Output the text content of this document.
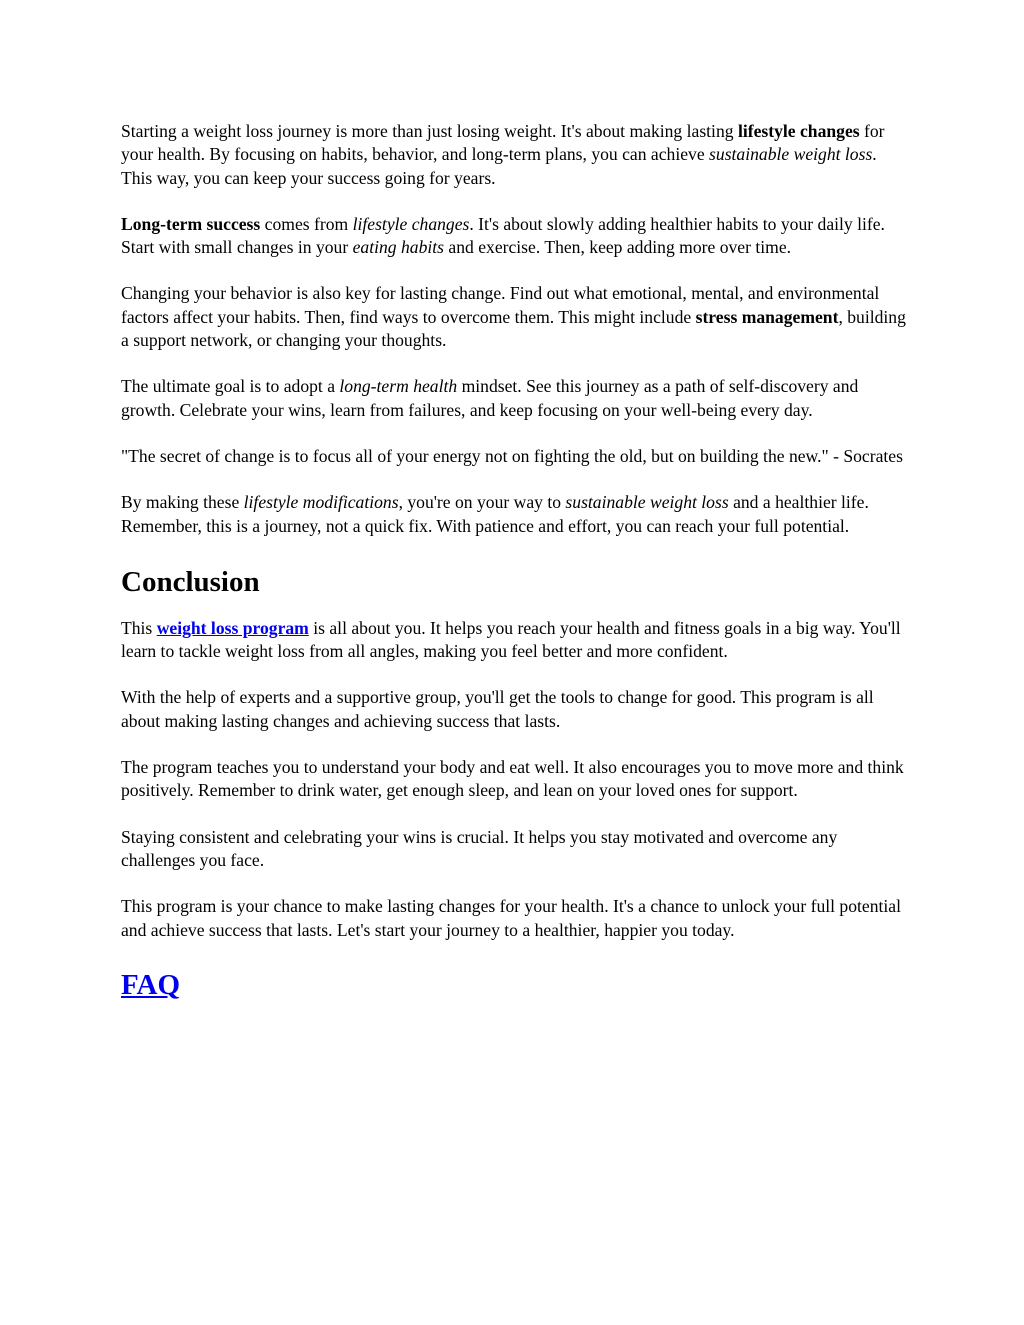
Starting a weight loss journey is more than just losing weight. It's about making lasting lifestyle changes for your health. By focusing on habits, behavior, and long-term plans, you can achieve sustainable weight loss. This way, you can keep your success going for years.

Long-term success comes from lifestyle changes. It's about slowly adding healthier habits to your daily life. Start with small changes in your eating habits and exercise. Then, keep adding more over time.

Changing your behavior is also key for lasting change. Find out what emotional, mental, and environmental factors affect your habits. Then, find ways to overcome them. This might include stress management, building a support network, or changing your thoughts.

The ultimate goal is to adopt a long-term health mindset. See this journey as a path of self-discovery and growth. Celebrate your wins, learn from failures, and keep focusing on your well-being every day.

"The secret of change is to focus all of your energy not on fighting the old, but on building the new." - Socrates

By making these lifestyle modifications, you're on your way to sustainable weight loss and a healthier life. Remember, this is a journey, not a quick fix. With patience and effort, you can reach your full potential.

Conclusion

This weight loss program is all about you. It helps you reach your health and fitness goals in a big way. You'll learn to tackle weight loss from all angles, making you feel better and more confident.

With the help of experts and a supportive group, you'll get the tools to change for good. This program is all about making lasting changes and achieving success that lasts.

The program teaches you to understand your body and eat well. It also encourages you to move more and think positively. Remember to drink water, get enough sleep, and lean on your loved ones for support.

Staying consistent and celebrating your wins is crucial. It helps you stay motivated and overcome any challenges you face.

This program is your chance to make lasting changes for your health. It's a chance to unlock your full potential and achieve success that lasts. Let's start your journey to a healthier, happier you today.

FAQ
